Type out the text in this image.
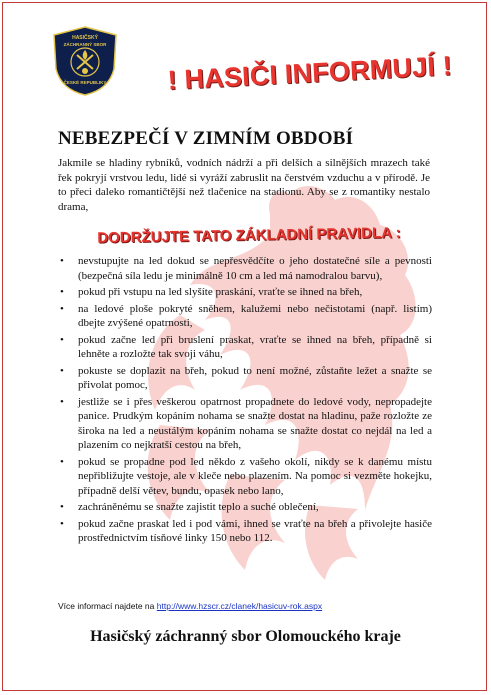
HASIČSKÝ
ZÁCHRANNÝ SBOR
ČESKÉ REPUBLIKY	! HASIČI INFORMUJÍ !
NEBEZPEČÍ V ZIMNÍM OBDOBÍ
Jakmile se hladiny rybníků, vodních nádrží a při delších a silnějších mrazech také řek pokryjí vrstvou ledu, lidé si vyráží zabruslit na čerstvém vzduchu a v přírodě. Je to přeci daleko romantičtější než tlačenice na stadionu. Aby se z romantiky nestalo drama,
DODRŽUJTE TATO ZÁKLADNÍ PRAVIDLA :
• nevstupujte na led dokud se nepřesvědčíte o jeho dostatečné síle a pevnosti (bezpečná síla ledu je minimálně 10 cm a led má namodralou barvu),
• pokud při vstupu na led slyšíte praskání, vraťte se ihned na břeh,
• na ledové ploše pokryté sněhem, kalužemi nebo nečistotami (např. listím) dbejte zvýšené opatrnosti,
• pokud začne led při bruslení praskat, vraťte se ihned na břeh, případně si lehněte a rozložte tak svoji váhu,
• pokuste se doplazit na břeh, pokud to není možné, zůstaňte ležet a snažte se přivolat pomoc,
• jestliže se i přes veškerou opatrnost propadnete do ledové vody, nepropadejte panice. Prudkým kopáním nohama se snažte dostat na hladinu, paže rozložte ze široka na led a neustálým kopáním nohama se snažte dostat co nejdál na led a plazením co nejkratší cestou na břeh,
• pokud se propadne pod led někdo z vašeho okolí, nikdy se k danému místu nepřibližujte vestoje, ale v kleče nebo plazením. Na pomoc si vezměte hokejku, případně delší větev, bundu, opasek nebo lano,
• zachráněnému se snažte zajistit teplo a suché oblečení,
• pokud začne praskat led i pod vámi, ihned se vraťte na břeh a přivolejte hasiče prostřednictvím tísňové linky 150 nebo 112.
Více informací najdete na http://www.hzscr.cz/clanek/hasicuv-rok.aspx
Hasičský záchranný sbor Olomouckého kraje
